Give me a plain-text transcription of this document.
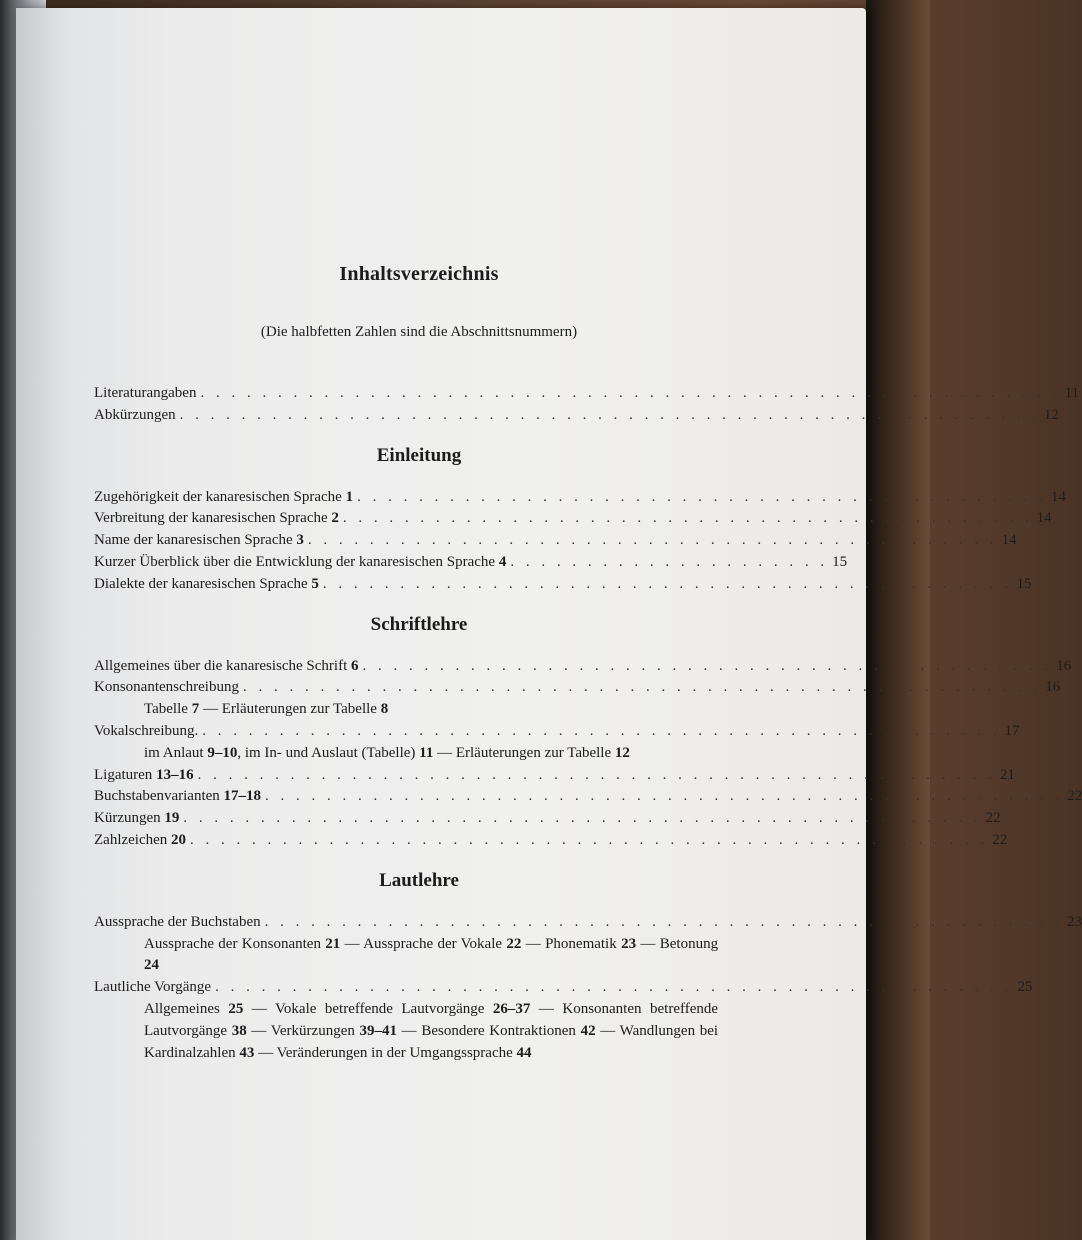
Inhaltsverzeichnis
(Die halbfetten Zahlen sind die Abschnittsnummern)
Literaturangaben . . . . . . . . . . . . . . . . . . . . . . . . . . . . . . . . . . . . . . . . . . . . . . . . . . . . . . . . 11
Abkürzungen . . . . . . . . . . . . . . . . . . . . . . . . . . . . . . . . . . . . . . . . . . . . . . . . . . . . . . . . 12
Einleitung
Zugehörigkeit der kanaresischen Sprache 1 . . . . . . . . . . . . . . . . . . . . . . . . . . . . . . . . . . . . . . . . . . . . . 14
Verbreitung der kanaresischen Sprache 2 . . . . . . . . . . . . . . . . . . . . . . . . . . . . . . . . . . . . . . . . . . . . . 14
Name der kanaresischen Sprache 3 . . . . . . . . . . . . . . . . . . . . . . . . . . . . . . . . . . . . . . . . . . . . . 14
Kurzer Überblick über die Entwicklung der kanaresischen Sprache 4 . . . . . . . . . . . . . . . . . . . . . 15
Dialekte der kanaresischen Sprache 5 . . . . . . . . . . . . . . . . . . . . . . . . . . . . . . . . . . . . . . . . . . . . . 15
Schriftlehre
Allgemeines über die kanaresische Schrift 6 . . . . . . . . . . . . . . . . . . . . . . . . . . . . . . . . . . . . . . . . . . . . . 16
Konsonantenschreibung . . . . . . . . . . . . . . . . . . . . . . . . . . . . . . . . . . . . . . . . . . . . . . . . . . . . 16
Tabelle 7 — Erläuterungen zur Tabelle 8
Vokalschreibung. . . . . . . . . . . . . . . . . . . . . . . . . . . . . . . . . . . . . . . . . . . . . . . . . . . . . 17
im Anlaut 9–10, im In- und Auslaut (Tabelle) 11 — Erläuterungen zur Tabelle 12
Ligaturen 13–16 . . . . . . . . . . . . . . . . . . . . . . . . . . . . . . . . . . . . . . . . . . . . . . . . . . . . 21
Buchstabenvarianten 17–18 . . . . . . . . . . . . . . . . . . . . . . . . . . . . . . . . . . . . . . . . . . . . . . . . . . . . 22
Kürzungen 19 . . . . . . . . . . . . . . . . . . . . . . . . . . . . . . . . . . . . . . . . . . . . . . . . . . . . 22
Zahlzeichen 20 . . . . . . . . . . . . . . . . . . . . . . . . . . . . . . . . . . . . . . . . . . . . . . . . . . . . 22
Lautlehre
Aussprache der Buchstaben . . . . . . . . . . . . . . . . . . . . . . . . . . . . . . . . . . . . . . . . . . . . . . . . . . . . 23
Aussprache der Konsonanten 21 — Aussprache der Vokale 22 — Phonematik 23 — Betonung 24
Lautliche Vorgänge . . . . . . . . . . . . . . . . . . . . . . . . . . . . . . . . . . . . . . . . . . . . . . . . . . . . 25
Allgemeines 25 — Vokale betreffende Lautvorgänge 26–37 — Konsonanten betreffende Lautvorgänge 38 — Verkürzungen 39–41 — Besondere Kontraktionen 42 — Wandlungen bei Kardinalzahlen 43 — Veränderungen in der Umgangssprache 44
